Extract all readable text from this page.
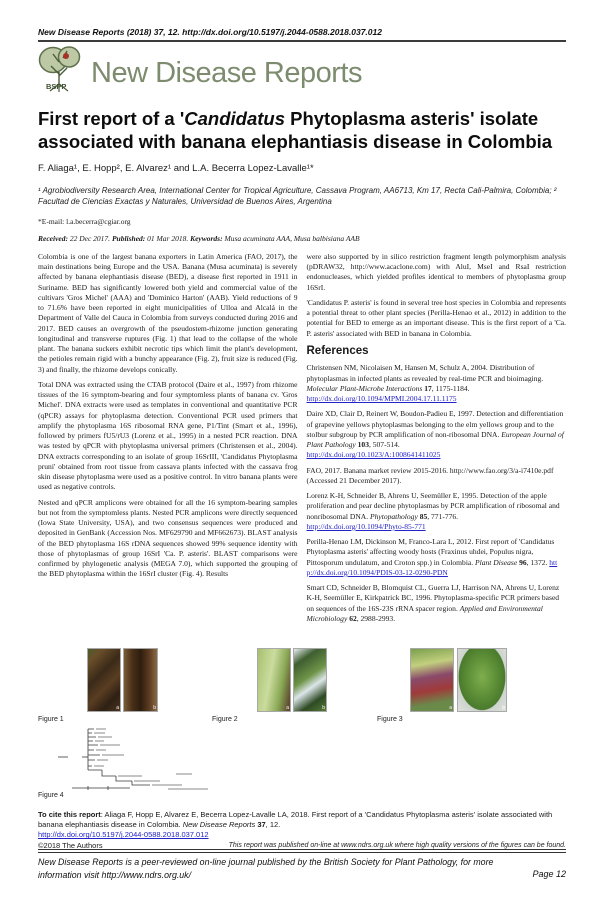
New Disease Reports (2018) 37, 12. http://dx.doi.org/10.5197/j.2044-0588.2018.037.012
BSPP New Disease Reports
First report of a 'Candidatus Phytoplasma asteris' isolate associated with banana elephantiasis disease in Colombia
F. Aliaga¹, E. Hopp², E. Alvarez¹ and L.A. Becerra Lopez-Lavalle¹*
¹ Agrobiodiversity Research Area, International Center for Tropical Agriculture, Cassava Program, AA6713, Km 17, Recta Cali-Palmira, Colombia; ² Facultad de Ciencias Exactas y Naturales, Universidad de Buenos Aires, Argentina
*E-mail: l.a.becerra@cgiar.org
Received: 22 Dec 2017. Published: 01 Mar 2018. Keywords: Musa acuminata AAA, Musa balbisiana AAB

Colombia is one of the largest banana exporters in Latin America (FAO, 2017), the main destinations being Europe and the USA. Banana (Musa acuminata) is severely affected by banana elephantiasis disease (BED), a disease first reported in 1911 in Suriname. BED has significantly lowered both yield and commercial value of the cultivars 'Gros Michel' (AAA) and 'Dominico Harton' (AAB). Yield reductions of 9 to 71.6% have been reported in eight municipalities of Ulloa and Alcalá in the Department of Valle del Cauca in Colombia from surveys conducted during 2016 and 2017. BED causes an overgrowth of the pseudostem-rhizome junction generating longitudinal and transverse ruptures (Fig. 1) that lead to the collapse of the whole plant. The banana suckers exhibit necrotic tips which limit the plant's development, the petioles remain rigid with a bunchy appearance (Fig. 2), fruit size is reduced (Fig. 3) and finally, the rhizome develops conically.

Total DNA was extracted using the CTAB protocol (Daire et al., 1997) from rhizome tissues of the 16 symptom-bearing and four symptomless plants of banana cv. 'Gros Michel'. DNA extracts were used as templates in conventional and quantitative PCR (qPCR) assays for phytoplasma detection. Conventional PCR used primers that amplify the phytoplasma 16S ribosomal RNA gene, P1/Tint (Smart et al., 1996), followed by primers fU5/rU3 (Lorenz et al., 1995) in a nested PCR reaction. DNA was tested by qPCR with phytoplasma universal primers (Christensen et al., 2004). DNA extracts corresponding to an isolate of group 16SrIII, 'Candidatus Phytoplasma pruni' obtained from root tissue from cassava plants infected with the cassava frog skin disease phytoplasma were used as a positive control. In vitro banana plants were used as negative controls.

Nested and qPCR amplicons were obtained for all the 16 symptom-bearing samples but not from the symptomless plants. Nested PCR amplicons were directly sequenced (Iowa State University, USA), and two consensus sequences were produced and deposited in GenBank (Accession Nos. MF629790 and MF662673). BLAST analysis of the BED phytoplasma 16S rDNA sequences showed 99% sequence identity with those of phytoplasmas of group 16SrI 'Ca. P. asteris'. BLAST comparisons were confirmed by phylogenetic analysis (MEGA 7.0), which supported the grouping of the BED phytoplasma within the 16SrI cluster (Fig. 4). Results

were also supported by in silico restriction fragment length polymorphism analysis (pDRAW32, http://www.acaclone.com) with AluI, MseI and RsaI restriction endonucleases, which yielded profiles identical to members of phytoplasma group 16SrI.

'Candidatus P. asteris' is found in several tree host species in Colombia and represents a potential threat to other plant species (Perilla-Henao et al., 2012) in addition to the potential for BED to emerge as an important disease. This is the first report of a 'Ca. P. asteris' associated with BED in banana in Colombia.

References
Christensen NM, Nicolaisen M, Hansen M, Schulz A, 2004. Distribution of phytoplasmas in infected plants as revealed by real-time PCR and bioimaging. Molecular Plant-Microbe Interactions 17, 1175-1184.
http://dx.doi.org/10.1094/MPMI.2004.17.11.1175
Daire XD, Clair D, Reinert W, Boudon-Padieu E, 1997. Detection and differentiation of grapevine yellows phytoplasmas belonging to the elm yellows group and to the stolbur subgroup by PCR amplification of non-ribosomal DNA. European Journal of Plant Pathology 103, 507-514.
http://dx.doi.org/10.1023/A:1008641411025
FAO, 2017. Banana market review 2015-2016. http://www.fao.org/3/a-i7410e.pdf (Accessed 21 December 2017).
Lorenz K-H, Schneider B, Ahrens U, Seemüller E, 1995. Detection of the apple proliferation and pear decline phytoplasmas by PCR amplification of ribosomal and nonribosomal DNA. Phytopathology 85, 771-776.
http://dx.doi.org/10.1094/Phyto-85-771
Perilla-Henao LM, Dickinson M, Franco-Lara L, 2012. First report of 'Candidatus Phytoplasma asteris' affecting woody hosts (Fraxinus uhdei, Populus nigra, Pittosporum undulatum, and Croton spp.) in Colombia. Plant Disease 96, 1372. http://dx.doi.org/10.1094/PDIS-03-12-0290-PDN
Smart CD, Schneider B, Blomquist CL, Guerra LJ, Harrison NA, Ahrens U, Lorenz K-H, Seemüller E, Kirkpatrick BC, 1996. Phytoplasma-specific PCR primers based on sequences of the 16S-23S rRNA spacer region. Applied and Environmental Microbiology 62, 2988-2993.
a	b	a	b	a	b
Figure 1	Figure 2	Figure 3
Figure 4
To cite this report: Aliaga F, Hopp E, Alvarez E, Becerra Lopez-Lavalle LA, 2018. First report of a 'Candidatus Phytoplasma asteris' isolate associated with banana elephantiasis disease in Colombia. New Disease Reports 37, 12.
http://dx.doi.org/10.5197/j.2044-0588.2018.037.012
©2018 The Authors	This report was published on-line at www.ndrs.org.uk where high quality versions of the figures can be found.
New Disease Reports is a peer-reviewed on-line journal published by the British Society for Plant Pathology, for more information visit http://www.ndrs.org.uk/	Page 12
